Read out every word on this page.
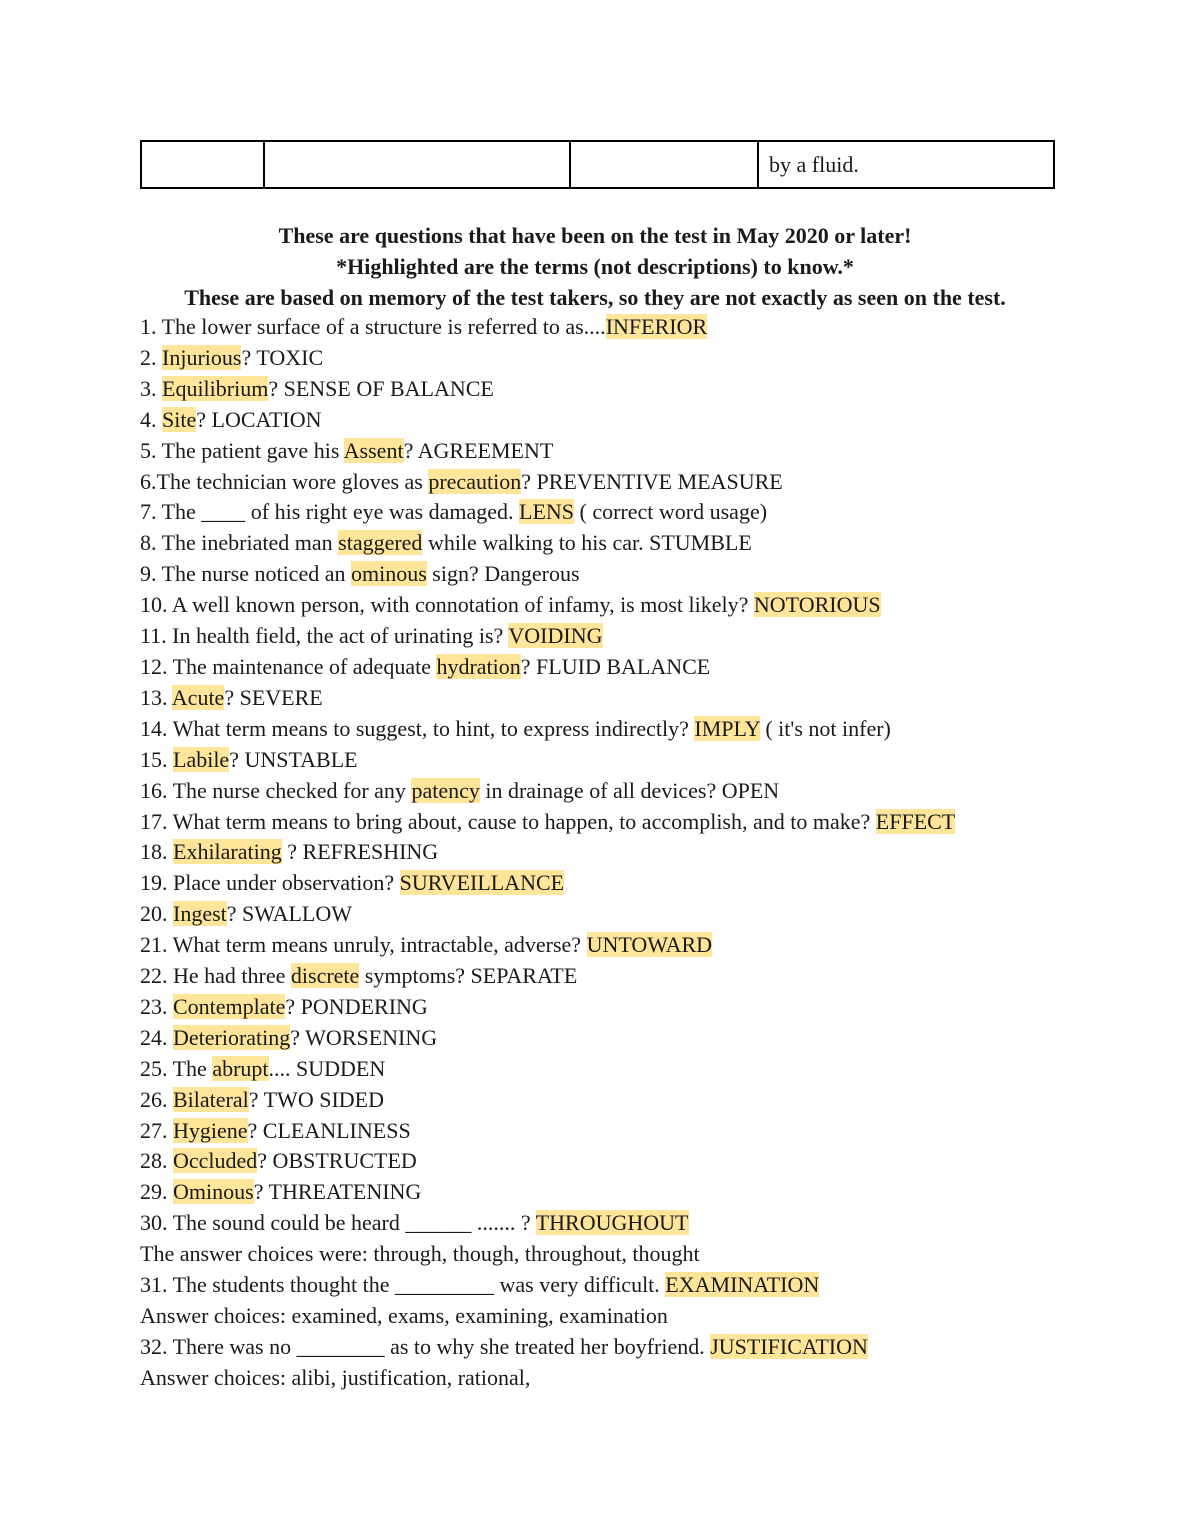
			by a fluid.
These are questions that have been on the test in May 2020 or later!
*Highlighted are the terms (not descriptions) to know.*
These are based on memory of the test takers, so they are not exactly as seen on the test.
1. The lower surface of a structure is referred to as....INFERIOR
2. Injurious? TOXIC
3. Equilibrium? SENSE OF BALANCE
4. Site? LOCATION
5. The patient gave his Assent? AGREEMENT
6.The technician wore gloves as precaution? PREVENTIVE MEASURE
7. The ____ of his right eye was damaged. LENS ( correct word usage)
8. The inebriated man staggered while walking to his car. STUMBLE
9. The nurse noticed an ominous sign? Dangerous
10. A well known person, with connotation of infamy, is most likely? NOTORIOUS
11. In health field, the act of urinating is? VOIDING
12. The maintenance of adequate hydration? FLUID BALANCE
13. Acute? SEVERE
14. What term means to suggest, to hint, to express indirectly? IMPLY ( it's not infer)
15. Labile? UNSTABLE
16. The nurse checked for any patency in drainage of all devices? OPEN
17. What term means to bring about, cause to happen, to accomplish, and to make? EFFECT
18. Exhilarating ? REFRESHING
19. Place under observation? SURVEILLANCE
20. Ingest? SWALLOW
21. What term means unruly, intractable, adverse? UNTOWARD
22. He had three discrete symptoms? SEPARATE
23. Contemplate? PONDERING
24. Deteriorating? WORSENING
25. The abrupt.... SUDDEN
26. Bilateral? TWO SIDED
27. Hygiene? CLEANLINESS
28. Occluded? OBSTRUCTED
29. Ominous? THREATENING
30. The sound could be heard ______ ....... ? THROUGHOUT
The answer choices were: through, though, throughout, thought
31. The students thought the _________ was very difficult. EXAMINATION
Answer choices: examined, exams, examining, examination
32. There was no ________ as to why she treated her boyfriend. JUSTIFICATION
Answer choices: alibi, justification, rational,
